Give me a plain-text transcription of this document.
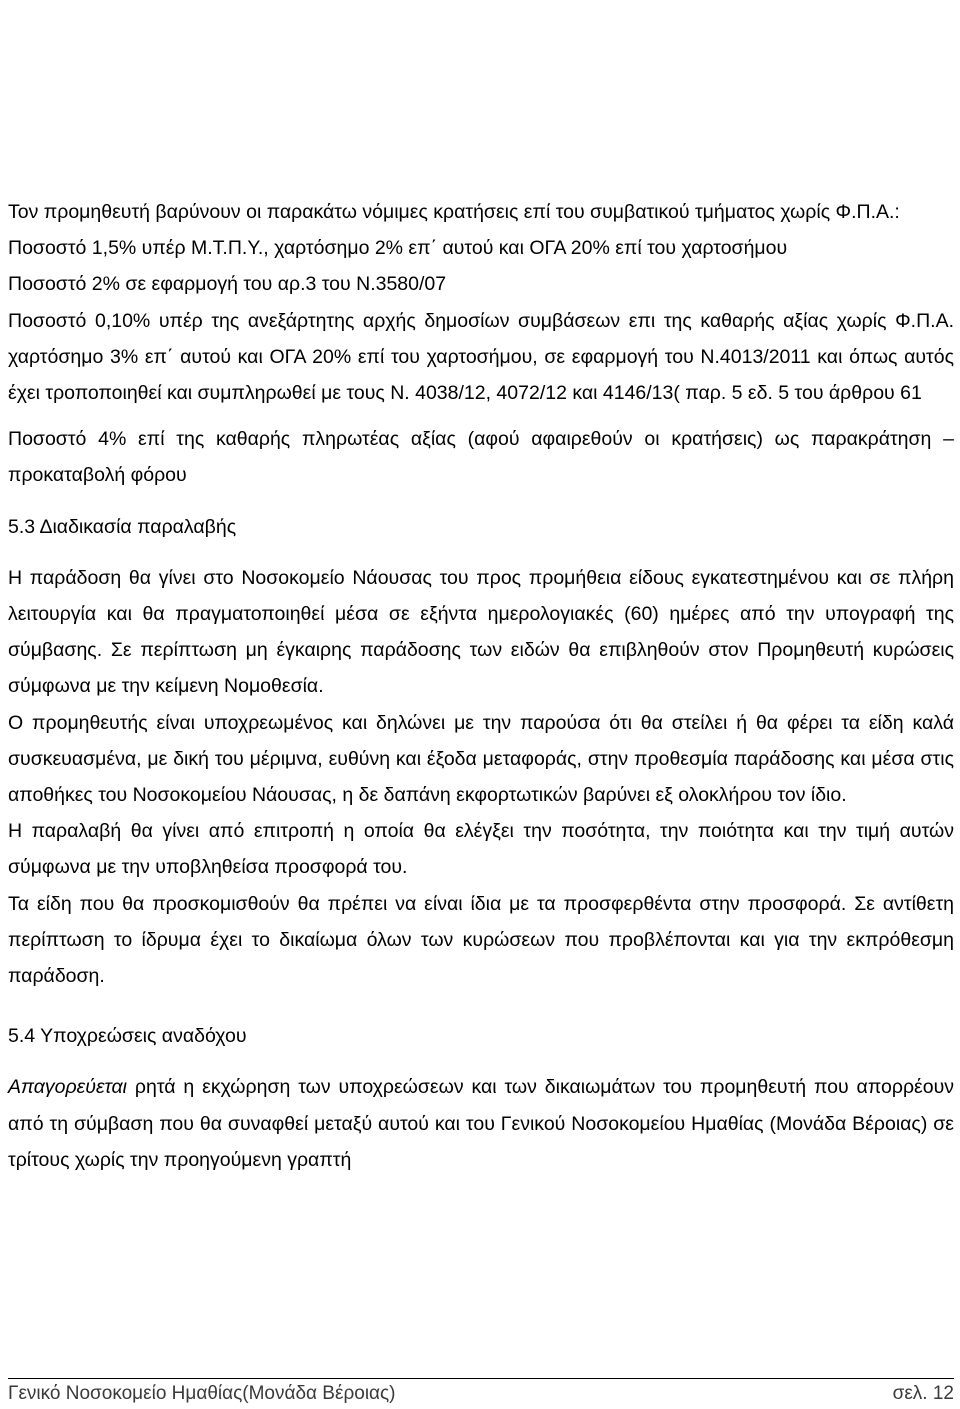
Τον προμηθευτή βαρύνουν οι παρακάτω νόμιμες κρατήσεις επί του συμβατικού τμήματος χωρίς Φ.Π.Α.:

Ποσοστό 1,5% υπέρ Μ.Τ.Π.Υ., χαρτόσημο 2% επ΄ αυτού και ΟΓΑ 20% επί του χαρτοσήμου

Ποσοστό 2% σε εφαρμογή του αρ.3 του Ν.3580/07

Ποσοστό 0,10% υπέρ της ανεξάρτητης αρχής δημοσίων συμβάσεων επι της καθαρής αξίας χωρίς Φ.Π.Α. χαρτόσημο 3% επ΄ αυτού και ΟΓΑ 20% επί του χαρτοσήμου, σε εφαρμογή του Ν.4013/2011 και όπως αυτός έχει τροποποιηθεί και συμπληρωθεί με τους Ν. 4038/12, 4072/12 και 4146/13( παρ. 5 εδ. 5 του άρθρου 61

Ποσοστό 4% επί της καθαρής πληρωτέας αξίας (αφού αφαιρεθούν οι κρατήσεις) ως παρακράτηση – προκαταβολή φόρου

5.3 Διαδικασία παραλαβής

Η παράδοση θα γίνει στο Νοσοκομείο Νάουσας του προς προμήθεια είδους εγκατεστημένου και σε πλήρη λειτουργία και θα πραγματοποιηθεί μέσα σε εξήντα ημερολογιακές (60) ημέρες από την υπογραφή της σύμβασης. Σε περίπτωση μη έγκαιρης παράδοσης των ειδών θα επιβληθούν στον Προμηθευτή κυρώσεις σύμφωνα με την κείμενη Νομοθεσία.

Ο προμηθευτής είναι υποχρεωμένος και δηλώνει με την παρούσα ότι θα στείλει ή θα φέρει τα είδη καλά συσκευασμένα, με δική του μέριμνα, ευθύνη και έξοδα μεταφοράς, στην προθεσμία παράδοσης και μέσα στις αποθήκες του Νοσοκομείου Νάουσας, η δε δαπάνη εκφορτωτικών βαρύνει εξ ολοκλήρου τον ίδιο.

Η παραλαβή θα γίνει από επιτροπή η οποία θα ελέγξει την ποσότητα, την ποιότητα και την τιμή αυτών σύμφωνα με την υποβληθείσα προσφορά του.

Τα είδη που θα προσκομισθούν θα πρέπει να είναι ίδια με τα προσφερθέντα στην προσφορά. Σε αντίθετη περίπτωση το ίδρυμα έχει το δικαίωμα όλων των κυρώσεων που προβλέπονται και για την εκπρόθεσμη παράδοση.

5.4 Υποχρεώσεις αναδόχου

Απαγορεύεται ρητά η εκχώρηση των υποχρεώσεων και των δικαιωμάτων του προμηθευτή που απορρέουν από τη σύμβαση που θα συναφθεί μεταξύ αυτού και του Γενικού Νοσοκομείου Ημαθίας (Μονάδα Βέροιας) σε τρίτους χωρίς την προηγούμενη γραπτή

Γενικό Νοσοκομείο Ημαθίας(Μονάδα Βέροιας)	σελ. 12
